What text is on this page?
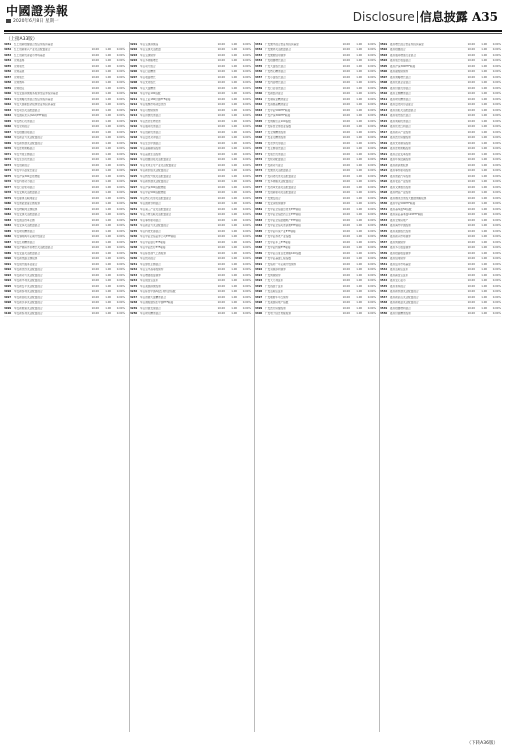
中國證券報
2020年6月8日 星期一	Disclosure 信息披露 A35
（上接A33版）
3051	红土创新稳健混合型证券投资基金
3052	红土创新新兴产业灵活配置混合	10.00	1.00	0.04%
3053	红土创新优淳货币市场基金	10.00	1.00	0.04%
3054	宏利蓝筹	10.00	1.00	0.04%
3055	宏利领先	10.00	1.00	0.04%
3056	宏利品质	10.00	1.00	0.04%
3057	宏利成长	10.00	1.00	0.04%
3058	宏利效率	10.00	1.00	0.04%
3059	宏利稳定	10.00	1.00	0.04%
3060	华安安信消费服务股票型证券投资基金	10.00	1.00	0.04%
3061	华安策略优选混合型证券投资基金	10.00	1.00	0.04%
3062	华安大国新经济股票型证券投资基金	10.00	1.00	0.04%
3063	华安动态灵活配置混合	10.00	1.00	0.04%
3064	华安国际龙头(DAX)ETF联接	10.00	1.00	0.04%
3065	华安核心优选混合	10.00	1.00	0.04%
3066	华安宏利混合	10.00	1.00	0.04%
3067	华安稳健回报混合	10.00	1.00	0.04%
3068	华安新活力灵活配置混合	10.00	1.00	0.04%
3069	华安新机遇灵活配置混合	10.00	1.00	0.04%
3070	华安逆向策略混合	10.00	1.00	0.04%
3071	华安升级主题混合	10.00	1.00	0.04%
3072	华安生态优先混合	10.00	1.00	0.04%
3073	华安创新混合	10.00	1.00	0.04%
3074	华安中小盘成长混合	10.00	1.00	0.04%
3075	华安沪深300量化增强	10.00	1.00	0.04%
3076	华安科技动力混合	10.00	1.00	0.04%
3077	华安行业轮动混合	10.00	1.00	0.04%
3078	华安安顺灵活配置混合	10.00	1.00	0.04%
3079	华安媒体互联网混合	10.00	1.00	0.04%
3080	华安智能装备主题股票	10.00	1.00	0.04%
3081	华安物联网主题股票	10.00	1.00	0.04%
3082	华安安康灵活配置混合	10.00	1.00	0.04%
3083	华安国企改革主题	10.00	1.00	0.04%
3084	华安安享灵活配置混合	10.00	1.00	0.04%
3085	华安研究精选混合	10.00	1.00	0.04%
3086	华安睿明两年定期开放混合	10.00	1.00	0.04%
3087	华安红利精选混合	10.00	1.00	0.04%
3088	华安沪港深外延增长灵活配置混合	10.00	1.00	0.04%
3089	华安安益灵活配置混合	10.00	1.00	0.04%
3090	华安新丝路主题股票	10.00	1.00	0.04%
3091	华安现代服务业混合	10.00	1.00	0.04%
3092	华安新优选灵活配置混合	10.00	1.00	0.04%
3093	华安新动力灵活配置混合	10.00	1.00	0.04%
3094	华安新丰利灵活配置混合	10.00	1.00	0.04%
3095	华安新安平灵活配置混合	10.00	1.00	0.04%
3096	华安新泰利灵活配置混合	10.00	1.00	0.04%
3097	华安新回报灵活配置混合	10.00	1.00	0.04%
3098	华安新乐享灵活配置混合	10.00	1.00	0.04%
3099	华安新财富灵活配置混合	10.00	1.00	0.04%
3100	华安新恒利灵活配置混合	10.00	1.00	0.04%
3201	华宝宝康消费品	10.00	1.00	0.04%
3202	华宝宝康灵活配置	10.00	1.00	0.04%
3203	华宝宝康债券	10.00	1.00	0.04%
3204	华宝多策略增长	10.00	1.00	0.04%
3205	华宝动力组合	10.00	1.00	0.04%
3206	华宝行业精选	10.00	1.00	0.04%
3207	华宝收益增长	10.00	1.00	0.04%
3208	华宝先进成长	10.00	1.00	0.04%
3209	华宝大盘精选	10.00	1.00	0.04%
3210	华宝中证100指数	10.00	1.00	0.04%
3211	华宝上证180价值ETF联接	10.00	1.00	0.04%
3212	华宝成熟市场动量优选	10.00	1.00	0.04%
3213	华宝可转债债券	10.00	1.00	0.04%
3214	华宝资源优选混合	10.00	1.00	0.04%
3215	华宝医药生物优选	10.00	1.00	0.04%
3216	华宝服务优选混合	10.00	1.00	0.04%
3217	华宝创新优选混合	10.00	1.00	0.04%
3218	华宝量化对冲混合	10.00	1.00	0.04%
3219	华宝生态中国混合	10.00	1.00	0.04%
3220	华宝高端制造股票	10.00	1.00	0.04%
3221	华宝品质生活股票	10.00	1.00	0.04%
3222	华宝稳健回报灵活配置混合	10.00	1.00	0.04%
3223	华宝未来主导产业灵活配置混合	10.00	1.00	0.04%
3224	华宝新价值灵活配置混合	10.00	1.00	0.04%
3225	华宝转型升级灵活配置混合	10.00	1.00	0.04%
3226	华宝新机遇灵活配置混合	10.00	1.00	0.04%
3227	华宝沪深300指数增强	10.00	1.00	0.04%
3228	华宝中证500指数增强	10.00	1.00	0.04%
3229	华宝核心优势灵活配置混合	10.00	1.00	0.04%
3230	华宝国策导向混合	10.00	1.00	0.04%
3231	华宝第三产业灵活配置混合	10.00	1.00	0.04%
3232	华宝万物互联灵活配置混合	10.00	1.00	0.04%
3233	华宝事件驱动混合	10.00	1.00	0.04%
3234	华宝新活力灵活配置混合	10.00	1.00	0.04%
3235	华宝科技先锋混合	10.00	1.00	0.04%
3236	华宝中证全指证券公司ETF联接	10.00	1.00	0.04%
3237	华宝中证银行ETF联接	10.00	1.00	0.04%
3238	华宝中证医疗ETF联接	10.00	1.00	0.04%
3239	华宝标普油气上游股票	10.00	1.00	0.04%
3240	华宝致远混合	10.00	1.00	0.04%
3241	华宝绿色主题混合	10.00	1.00	0.04%
3242	华宝宝丰高等级债券	10.00	1.00	0.04%
3243	华宝增强收益债券	10.00	1.00	0.04%
3244	华宝现金宝货币	10.00	1.00	0.04%
3245	华宝美国消费股票	10.00	1.00	0.04%
3246	华宝标普中国A股红利机会指数	10.00	1.00	0.04%
3247	华宝香港大盘精选混合	10.00	1.00	0.04%
3248	华宝港股通恒生中国ETF联接	10.00	1.00	0.04%
3249	华宝价值发现混合	10.00	1.00	0.04%
3250	华宝研究精选混合	10.00	1.00	0.04%
3351	广发聚丰混合型证券投资基金	10.00	1.00	0.04%
3352	广发聚祥灵活配置混合	10.00	1.00	0.04%
3353	广发聚财信用债券	10.00	1.00	0.04%
3354	广发稳健增长混合	10.00	1.00	0.04%
3355	广发大盘成长混合	10.00	1.00	0.04%
3356	广发核心精选混合	10.00	1.00	0.04%
3357	广发小盘成长混合	10.00	1.00	0.04%
3358	广发内需增长混合	10.00	1.00	0.04%
3359	广发行业领先混合	10.00	1.00	0.04%
3360	广发新经济混合	10.00	1.00	0.04%
3361	广发制造业精选混合	10.00	1.00	0.04%
3362	广发消费品精选混合	10.00	1.00	0.04%
3363	广发中证500ETF联接	10.00	1.00	0.04%
3364	广发沪深300ETF联接	10.00	1.00	0.04%
3365	广发纳斯达克100指数	10.00	1.00	0.04%
3366	广发标普全球农业指数	10.00	1.00	0.04%
3367	广发全球精选股票	10.00	1.00	0.04%
3368	广发亚太精选股票	10.00	1.00	0.04%
3369	广发竞争优势混合	10.00	1.00	0.04%
3370	广发主题领先混合	10.00	1.00	0.04%
3371	广发成长优选混合	10.00	1.00	0.04%
3372	广发轮动配置混合	10.00	1.00	0.04%
3373	广发新动力混合	10.00	1.00	0.04%
3374	广发聚优灵活配置混合	10.00	1.00	0.04%
3375	广发趋势优选灵活配置混合	10.00	1.00	0.04%
3376	广发多策略灵活配置混合	10.00	1.00	0.04%
3377	广发改革先锋灵活配置混合	10.00	1.00	0.04%
3378	广发创新驱动灵活配置混合	10.00	1.00	0.04%
3379	广发聚安混合	10.00	1.00	0.04%
3380	广发安泽短债债券	10.00	1.00	0.04%
3381	广发中证全指信息技术ETF联接	10.00	1.00	0.04%
3382	广发中证全指医药卫生ETF联接	10.00	1.00	0.04%
3383	广发中证全指金融地产ETF联接	10.00	1.00	0.04%
3384	广发中证全指可选消费ETF联接	10.00	1.00	0.04%
3385	广发中证环保产业ETF联接	10.00	1.00	0.04%
3386	广发中证养老产业指数	10.00	1.00	0.04%
3387	广发中证军工ETF联接	10.00	1.00	0.04%
3388	广发中证传媒ETF联接	10.00	1.00	0.04%
3389	广发中证百度百发策略100指数	10.00	1.00	0.04%
3390	广发中证基建工程指数	10.00	1.00	0.04%
3391	广发集利一年定期开放债券	10.00	1.00	0.04%
3392	广发双债添利债券	10.00	1.00	0.04%
3393	广发纯债债券	10.00	1.00	0.04%
3394	广发天天利货币	10.00	1.00	0.04%
3395	广发钱袋子货币	10.00	1.00	0.04%
3396	广发活期宝货币	10.00	1.00	0.04%
3397	广发理财年年红债券	10.00	1.00	0.04%
3398	广发美国房地产指数	10.00	1.00	0.04%
3399	广发医疗保健股票	10.00	1.00	0.04%
3400	广发电子信息传媒股票	10.00	1.00	0.04%
3501	嘉实增长混合型证券投资基金	10.00	1.00	0.04%
3502	嘉实稳健混合	10.00	1.00	0.04%
3503	嘉实服务增值行业混合	10.00	1.00	0.04%
3504	嘉实成长收益混合	10.00	1.00	0.04%
3505	嘉实沪深300ETF联接	10.00	1.00	0.04%
3506	嘉实超短债债券	10.00	1.00	0.04%
3507	嘉实策略增长混合	10.00	1.00	0.04%
3508	嘉实优质企业混合	10.00	1.00	0.04%
3509	嘉实价值优势混合	10.00	1.00	0.04%
3510	嘉实主题精选混合	10.00	1.00	0.04%
3511	嘉实研究精选混合	10.00	1.00	0.04%
3512	嘉实量化阿尔法混合	10.00	1.00	0.04%
3513	嘉实回报灵活配置混合	10.00	1.00	0.04%
3514	嘉实领先成长混合	10.00	1.00	0.04%
3515	嘉实周期优选混合	10.00	1.00	0.04%
3516	嘉实优化红利混合	10.00	1.00	0.04%
3517	嘉实新兴产业股票	10.00	1.00	0.04%
3518	嘉实医疗保健股票	10.00	1.00	0.04%
3519	嘉实先进制造股票	10.00	1.00	0.04%
3520	嘉实逆向策略股票	10.00	1.00	0.04%
3521	嘉实企业变革股票	10.00	1.00	0.04%
3522	嘉实环保低碳股票	10.00	1.00	0.04%
3523	嘉实新消费股票	10.00	1.00	0.04%
3524	嘉实事件驱动股票	10.00	1.00	0.04%
3525	嘉实智能汽车股票	10.00	1.00	0.04%
3526	嘉实农业产业股票	10.00	1.00	0.04%
3527	嘉实文体娱乐股票	10.00	1.00	0.04%
3528	嘉实物流产业股票	10.00	1.00	0.04%
3529	嘉实腾讯自选股大数据策略股票	10.00	1.00	0.04%
3530	嘉实中证500ETF联接	10.00	1.00	0.04%
3531	嘉实基本面50指数	10.00	1.00	0.04%
3532	嘉实深证基本面120ETF联接	10.00	1.00	0.04%
3533	嘉实全球房地产	10.00	1.00	0.04%
3534	嘉实海外中国股票	10.00	1.00	0.04%
3535	嘉实美国成长股票	10.00	1.00	0.04%
3536	嘉实新兴市场债券	10.00	1.00	0.04%
3537	嘉实纯债债券	10.00	1.00	0.04%
3538	嘉实多元收益债券	10.00	1.00	0.04%
3539	嘉实稳固收益债券	10.00	1.00	0.04%
3540	嘉实信用债券	10.00	1.00	0.04%
3541	嘉实货币市场基金	10.00	1.00	0.04%
3542	嘉实活期宝货币	10.00	1.00	0.04%
3543	嘉实薪金宝货币	10.00	1.00	0.04%
3544	嘉实安心货币	10.00	1.00	0.04%
3545	嘉实泰和混合	10.00	1.00	0.04%
3546	嘉实新机遇灵活配置混合	10.00	1.00	0.04%
3547	嘉实新起点灵活配置混合	10.00	1.00	0.04%
3548	嘉实新收益灵活配置混合	10.00	1.00	0.04%
3549	嘉实稳健增利混合	10.00	1.00	0.04%
3550	嘉实价值精选股票	10.00	1.00	0.04%
（下转A36版）
